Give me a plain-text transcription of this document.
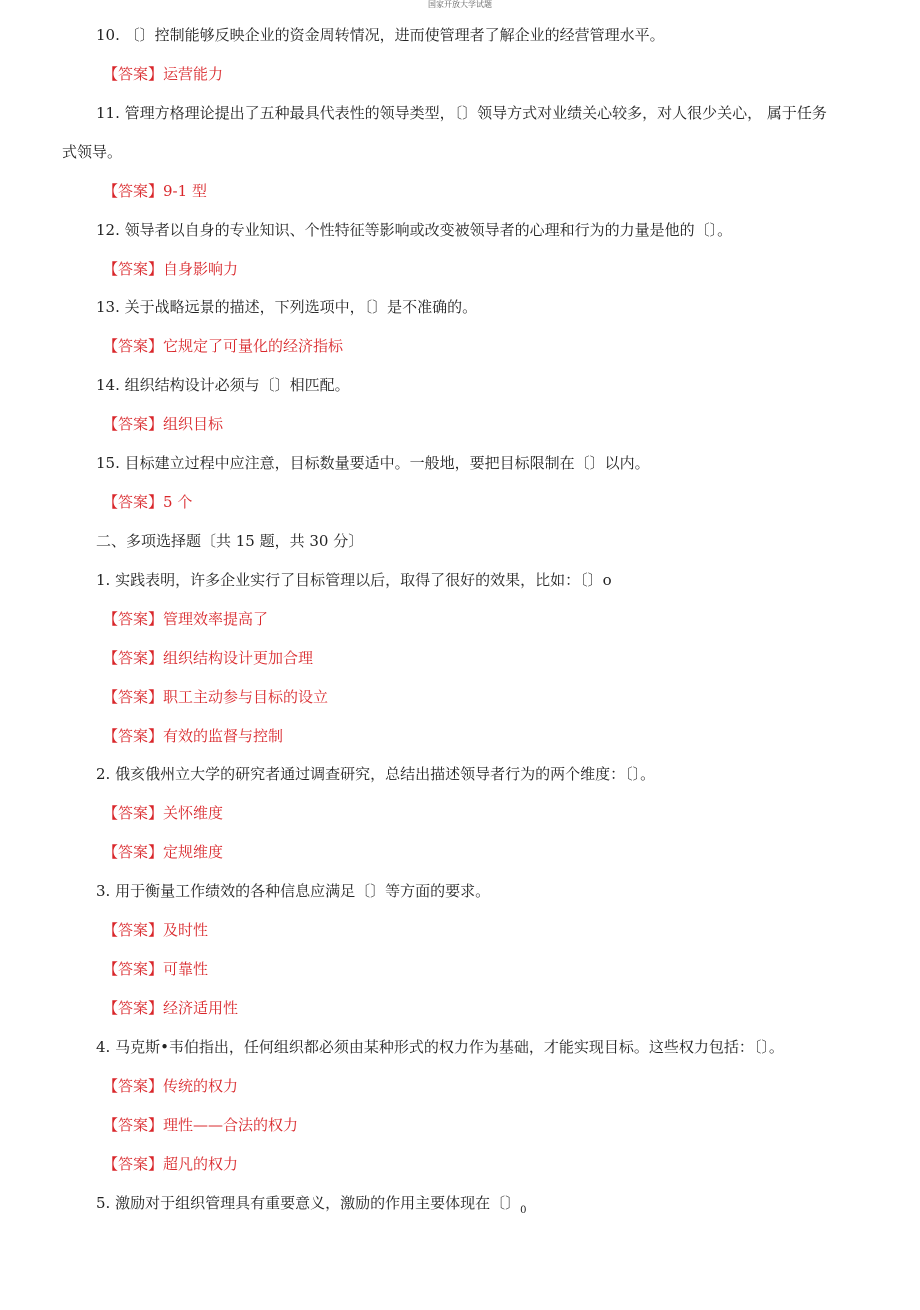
国家开放大学试题
10. 〔〕控制能够反映企业的资金周转情况，进而使管理者了解企业的经营管理水平。
【答案】运营能力
11. 管理方格理论提出了五种最具代表性的领导类型，〔〕领导方式对业绩关心较多，对人很少关心， 属于任务
式领导。
【答案】9-1 型
12. 领导者以自身的专业知识、个性特征等影响或改变被领导者的心理和行为的力量是他的〔〕。
【答案】自身影响力
13. 关于战略远景的描述，下列选项中，〔〕是不准确的。
【答案】它规定了可量化的经济指标
14. 组织结构设计必须与〔〕相匹配。
【答案】组织目标
15. 目标建立过程中应注意，目标数量要适中。一般地，要把目标限制在〔〕以内。
【答案】5 个
二、多项选择题〔共 15 题，共 30 分〕
1. 实践表明，许多企业实行了目标管理以后，取得了很好的效果，比如：〔〕o
【答案】管理效率提高了
【答案】组织结构设计更加合理
【答案】职工主动参与目标的设立
【答案】有效的监督与控制
2. 俄亥俄州立大学的研究者通过调查研究，总结出描述领导者行为的两个维度：〔〕。
【答案】关怀维度
【答案】定规维度
3. 用于衡量工作绩效的各种信息应满足〔〕等方面的要求。
【答案】及时性
【答案】可靠性
【答案】经济适用性
4. 马克斯•韦伯指出，任何组织都必须由某种形式的权力作为基础，才能实现目标。这些权力包括：〔〕。
【答案】传统的权力
【答案】理性——合法的权力
【答案】超凡的权力
5. 激励对于组织管理具有重要意义，激励的作用主要体现在〔〕$_0$
